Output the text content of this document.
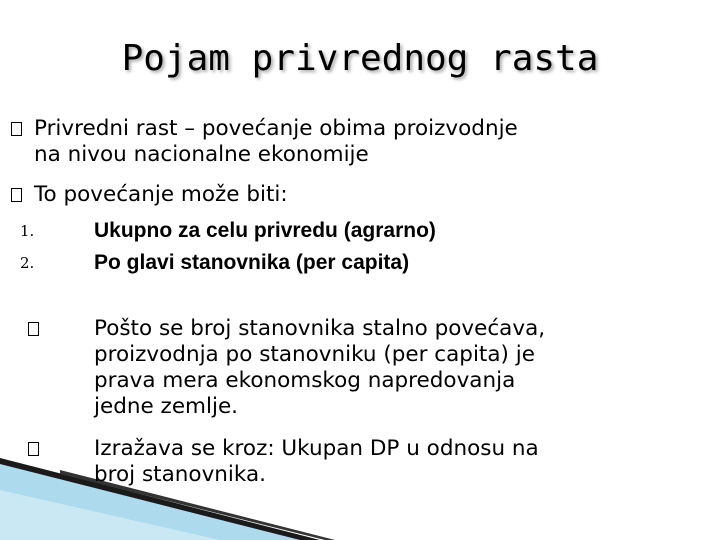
Pojam privrednog rasta
Privredni rast – povećanje obima proizvodnje
na nivou nacionalne ekonomije
To povećanje može biti:
1.	Ukupno za celu privredu (agrarno)
2.	Po glavi stanovnika (per capita)
Pošto se broj stanovnika stalno povećava,
proizvodnja po stanovniku (per capita) je
prava mera ekonomskog napredovanja
jedne zemlje.
Izražava se kroz: Ukupan DP u odnosu na
broj stanovnika.
